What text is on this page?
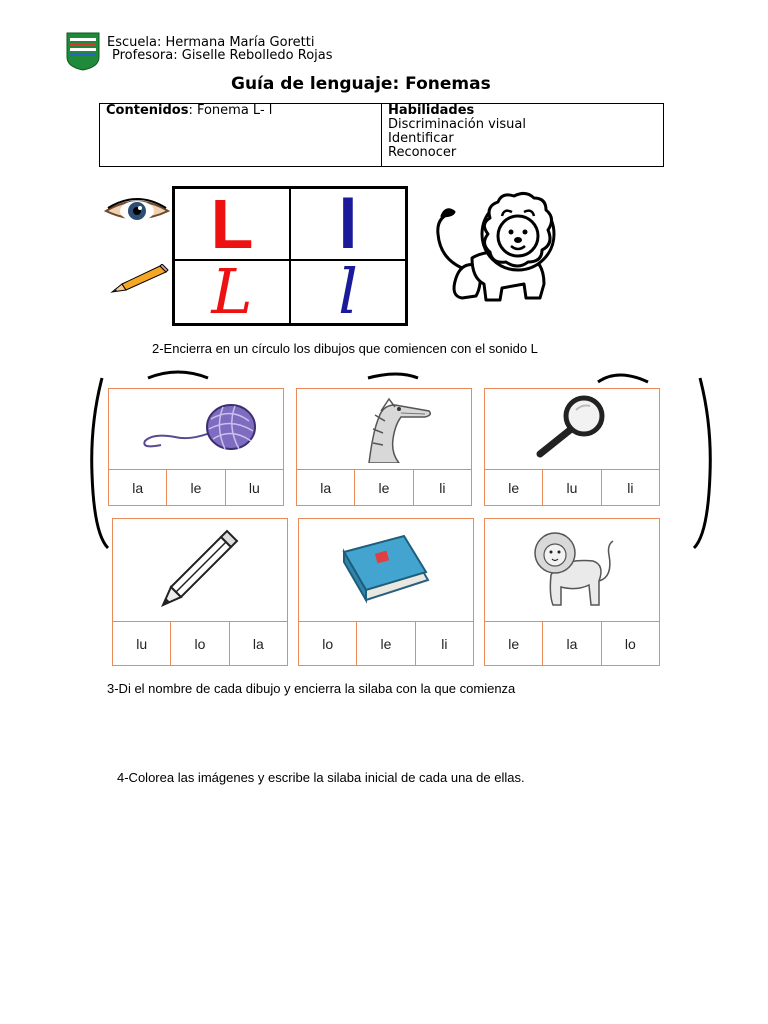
Escuela: Hermana María Goretti
Profesora: Giselle Rebolledo Rojas
Guía de lenguaje: Fonemas
Contenidos: Fonema L- l	Habilidades
Discriminación visual
Identificar
Reconocer
L l
L l
2-Encierra en un círculo los dibujos que comiencen con el sonido L
la	le	lu	la	le	li	le	lu	li
lu	lo	la	lo	le	li	le	la	lo
3-Di el nombre de cada dibujo y encierra la silaba con la que comienza
4-Colorea las imágenes y escribe la silaba inicial de cada una de ellas.
